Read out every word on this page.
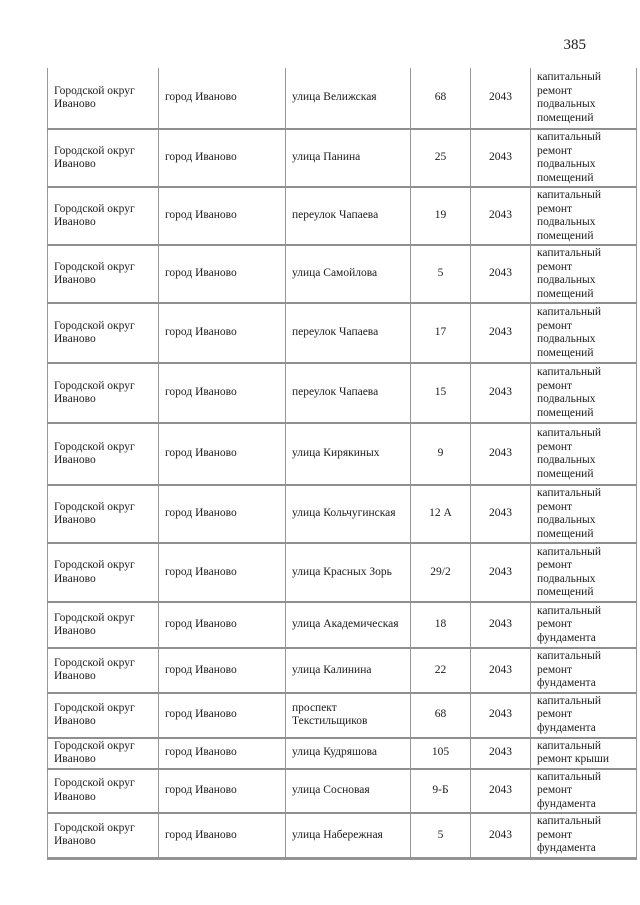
385
Городской округ Иваново	город Иваново	улица Велижская	68	2043	капитальный ремонт подвальных помещений
Городской округ Иваново	город Иваново	улица Панина	25	2043	капитальный ремонт подвальных помещений
Городской округ Иваново	город Иваново	переулок Чапаева	19	2043	капитальный ремонт подвальных помещений
Городской округ Иваново	город Иваново	улица Самойлова	5	2043	капитальный ремонт подвальных помещений
Городской округ Иваново	город Иваново	переулок Чапаева	17	2043	капитальный ремонт подвальных помещений
Городской округ Иваново	город Иваново	переулок Чапаева	15	2043	капитальный ремонт подвальных помещений
Городской округ Иваново	город Иваново	улица Кирякиных	9	2043	капитальный ремонт подвальных помещений
Городской округ Иваново	город Иваново	улица Кольчугинская	12 А	2043	капитальный ремонт подвальных помещений
Городской округ Иваново	город Иваново	улица Красных Зорь	29/2	2043	капитальный ремонт подвальных помещений
Городской округ Иваново	город Иваново	улица Академическая	18	2043	капитальный ремонт фундамента
Городской округ Иваново	город Иваново	улица Калинина	22	2043	капитальный ремонт фундамента
Городской округ Иваново	город Иваново	проспект Текстильщиков	68	2043	капитальный ремонт фундамента
Городской округ Иваново	город Иваново	улица Кудряшова	105	2043	капитальный ремонт крыши
Городской округ Иваново	город Иваново	улица Сосновая	9-Б	2043	капитальный ремонт фундамента
Городской округ Иваново	город Иваново	улица Набережная	5	2043	капитальный ремонт фундамента
